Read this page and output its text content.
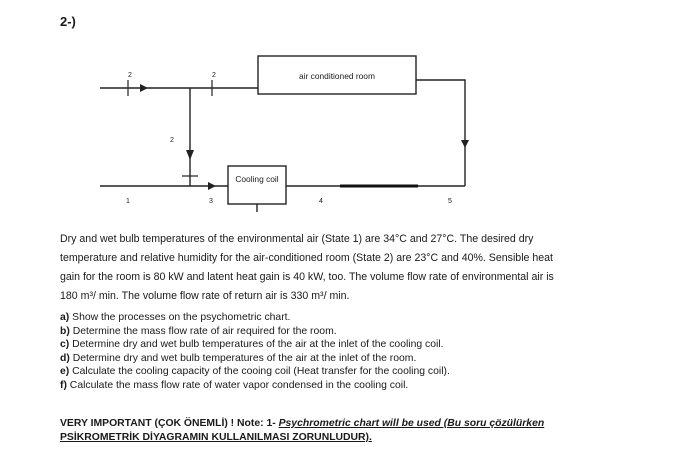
2-)
air conditioned room
Cooling coil
2	2
2
1	3	4	5
Dry and wet bulb temperatures of the environmental air (State 1) are 34°C and 27°C. The desired dry
temperature and relative humidity for the air-conditioned room (State 2) are 23°C and 40%. Sensible heat
gain for the room is 80 kW and latent heat gain is 40 kW, too. The volume flow rate of environmental air is
180 m³/ min. The volume flow rate of return air is 330 m³/ min.
a) Show the processes on the psychometric chart.
b) Determine the mass flow rate of air required for the room.
c) Determine dry and wet bulb temperatures of the air at the inlet of the cooling coil.
d) Determine dry and wet bulb temperatures of the air at the inlet of the room.
e) Calculate the cooling capacity of the cooing coil (Heat transfer for the cooling coil).
f) Calculate the mass flow rate of water vapor condensed in the cooling coil.
VERY IMPORTANT (ÇOK ÖNEMLİ) ! Note: 1- Psychrometric chart will be used (Bu soru çözülürken
PSİKROMETRİK DİYAGRAMIN KULLANILMASI ZORUNLUDUR).
